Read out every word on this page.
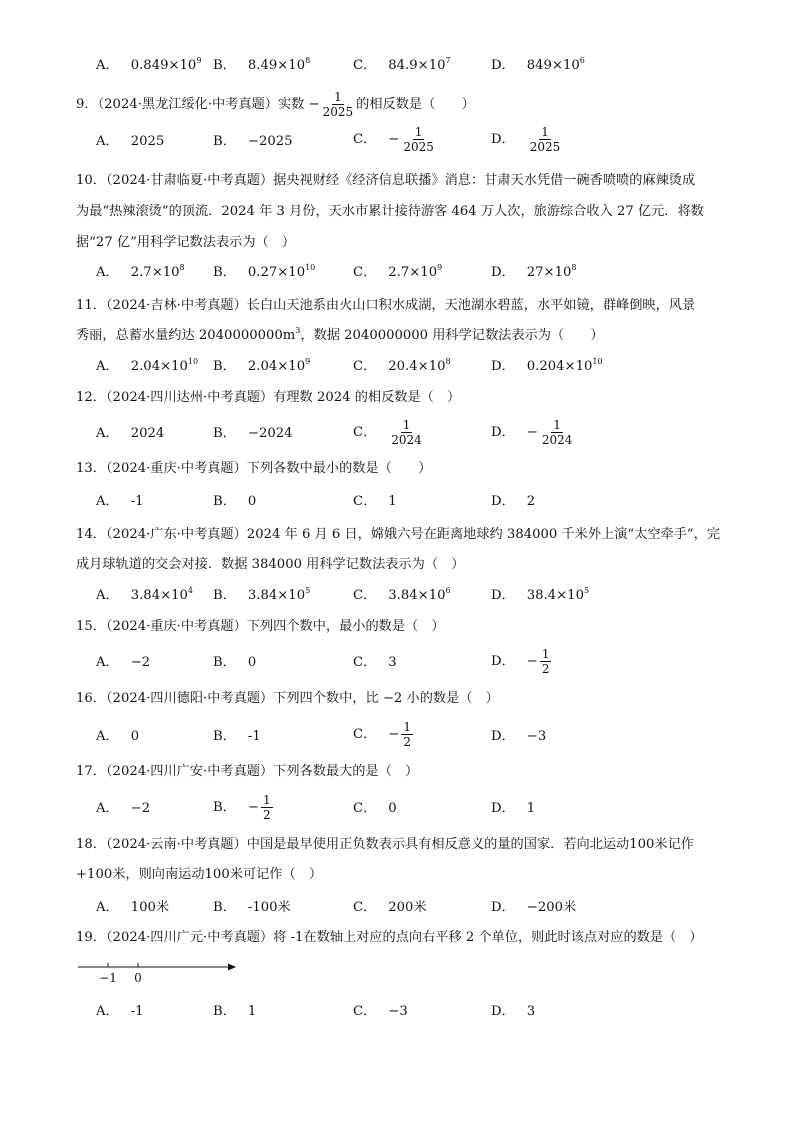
A． $0.849\times 10^9$ B． $8.49\times 10^8$	C． $84.9\times 10^7$	D． $849\times 10^6$
9．（2024·黑龙江绥化·中考真题）实数 − $\frac{1}{2025}$ 的相反数是（　　）
A． 2025	B． −2025	C． − $\frac{1}{2025}$	D． $\frac{1}{2025}$
10．（2024·甘肃临夏·中考真题）据央视财经《经济信息联播》消息：甘肃天水凭借一碗香喷喷的麻辣烫成
为最“热辣滚烫”的顶流．2024 年 3 月份，天水市累计接待游客 464 万人次，旅游综合收入 27 亿元．将数
据“27 亿”用科学记数法表示为（　）
A． $2.7\times 10^8$ B． $0.27\times 10^{10}$	C． $2.7\times 10^9$	D． $27\times 10^8$
11．（2024·吉林·中考真题）长白山天池系由火山口积水成湖，天池湖水碧蓝，水平如镜，群峰倒映，风景
秀丽，总蓄水量约达 $2040000000m^3$，数据 2040000000 用科学记数法表示为（　　）
A． $2.04\times 10^{10}$ B． $2.04\times 10^9$	C． $20.4\times 10^8$	D． $0.204\times 10^{10}$
12．（2024·四川达州·中考真题）有理数 2024 的相反数是（　）
A． 2024	B． −2024	C． $\frac{1}{2024}$	D． − $\frac{1}{2024}$
13．（2024·重庆·中考真题）下列各数中最小的数是（　　）
A． -1	B． 0	C． 1	D． 2
14．（2024·广东·中考真题）2024 年 6 月 6 日，嫦娥六号在距离地球约 384000 千米外上演“太空牵手”，完
成月球轨道的交会对接．数据 384000 用科学记数法表示为（　）
A． $3.84\times 10^4$ B． $3.84\times 10^5$	C． $3.84\times 10^6$	D． $38.4\times 10^5$
15．（2024·重庆·中考真题）下列四个数中，最小的数是（　）
A． −2	B． 0	C． 3	D． − $\frac{1}{2}$
16．（2024·四川德阳·中考真题）下列四个数中，比 −2 小的数是（　）
A． 0	B． -1	C． − $\frac{1}{2}$	D． −3
17．（2024·四川广安·中考真题）下列各数最大的是（　）
A． −2	B． − $\frac{1}{2}$	C． 0	D． 1
18．（2024·云南·中考真题）中国是最早使用正负数表示具有相反意义的量的国家．若向北运动100米记作
+100米，则向南运动100米可记作（　）
A． 100米	B． -100米	C． 200米	D． −200米
19．（2024·四川广元·中考真题）将 -1在数轴上对应的点向右平移 2 个单位，则此时该点对应的数是（　）
−1 0
A． -1	B． 1	C． −3	D． 3
